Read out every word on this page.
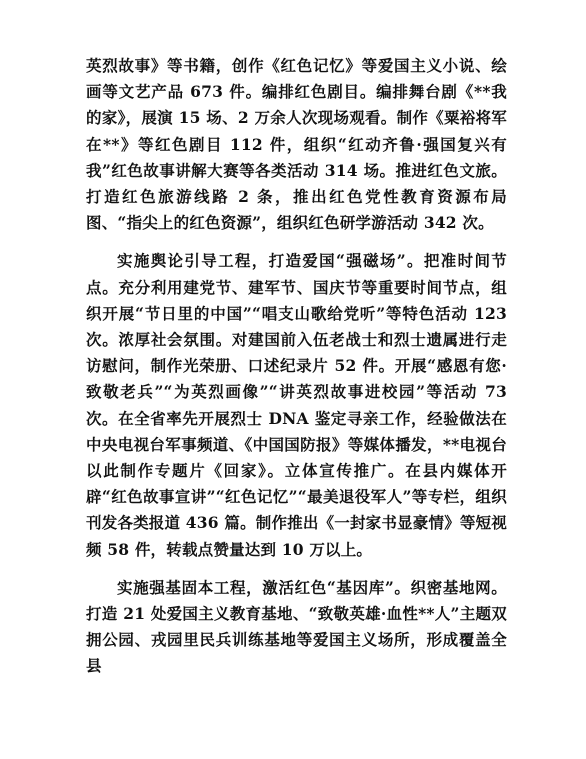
英烈故事》等书籍，创作《红色记忆》等爱国主义小说、绘画等文艺产品 673 件。编排红色剧目。编排舞台剧《**我的家》，展演 15 场、2 万余人次现场观看。制作《粟裕将军在**》等红色剧目 112 件，组织“红动齐鲁·强国复兴有我”红色故事讲解大赛等各类活动 314 场。推进红色文旅。打造红色旅游线路 2 条，推出红色党性教育资源布局图、“指尖上的红色资源”，组织红色研学游活动 342 次。

实施舆论引导工程，打造爱国“强磁场”。把准时间节点。充分利用建党节、建军节、国庆节等重要时间节点，组织开展“节日里的中国”“唱支山歌给党听”等特色活动 123 次。浓厚社会氛围。对建国前入伍老战士和烈士遗属进行走访慰问，制作光荣册、口述纪录片 52 件。开展“感恩有您·致敬老兵”“为英烈画像”“讲英烈故事进校园”等活动 73 次。在全省率先开展烈士 DNA 鉴定寻亲工作，经验做法在中央电视台军事频道、《中国国防报》等媒体播发，**电视台以此制作专题片《回家》。立体宣传推广。在县内媒体开辟“红色故事宣讲”“红色记忆”“最美退役军人”等专栏，组织刊发各类报道 436 篇。制作推出《一封家书显豪情》等短视频 58 件，转载点赞量达到 10 万以上。

实施强基固本工程，激活红色“基因库”。织密基地网。打造 21 处爱国主义教育基地、“致敬英雄·血性**人”主题双拥公园、戎园里民兵训练基地等爱国主义场所，形成覆盖全县
